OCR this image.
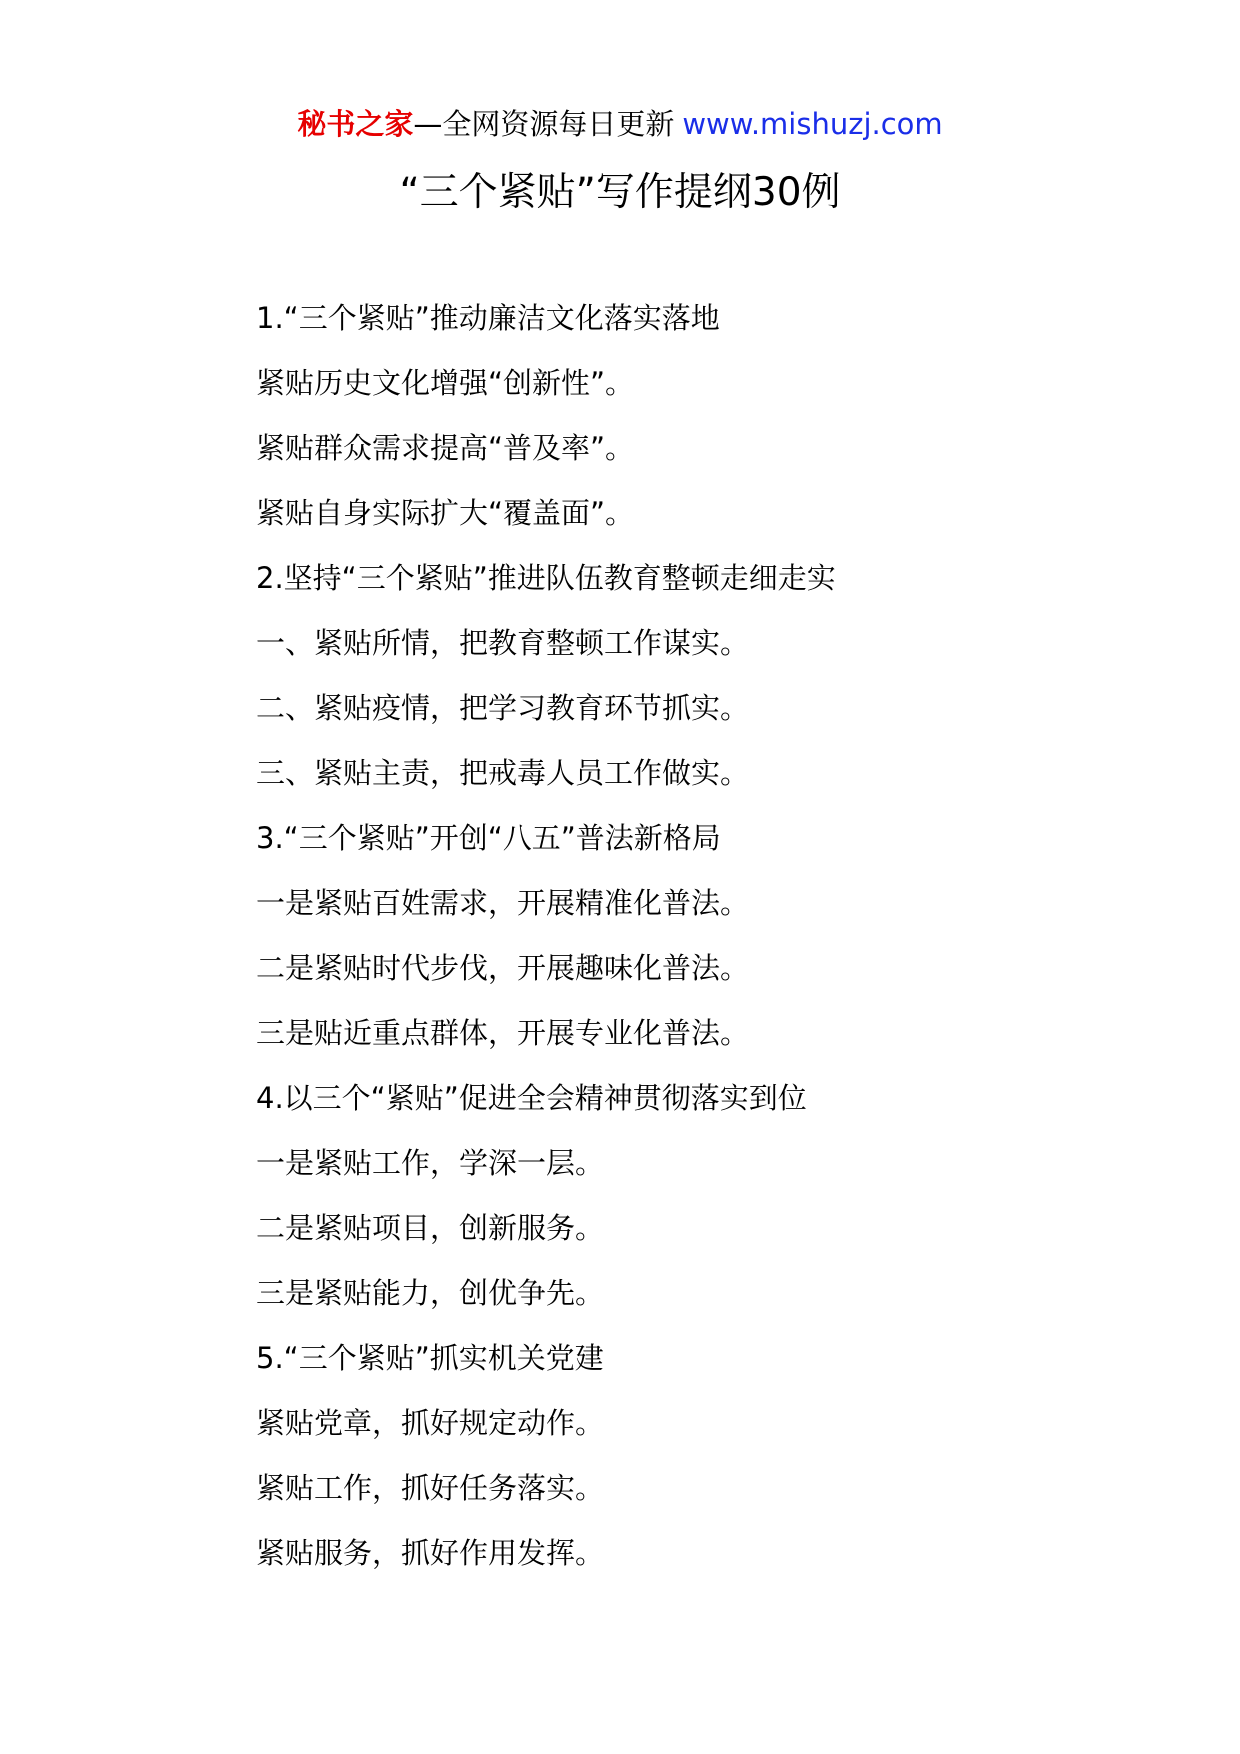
秘书之家—全网资源每日更新 www.mishuzj.com
“三个紧贴”写作提纲30例
1.“三个紧贴”推动廉洁文化落实落地
紧贴历史文化增强“创新性”。
紧贴群众需求提高“普及率”。
紧贴自身实际扩大“覆盖面”。
2.坚持“三个紧贴”推进队伍教育整顿走细走实
一、紧贴所情，把教育整顿工作谋实。
二、紧贴疫情，把学习教育环节抓实。
三、紧贴主责，把戒毒人员工作做实。
3.“三个紧贴”开创“八五”普法新格局
一是紧贴百姓需求，开展精准化普法。
二是紧贴时代步伐，开展趣味化普法。
三是贴近重点群体，开展专业化普法。
4.以三个“紧贴”促进全会精神贯彻落实到位
一是紧贴工作，学深一层。
二是紧贴项目，创新服务。
三是紧贴能力，创优争先。
5.“三个紧贴”抓实机关党建
紧贴党章，抓好规定动作。
紧贴工作，抓好任务落实。
紧贴服务，抓好作用发挥。
